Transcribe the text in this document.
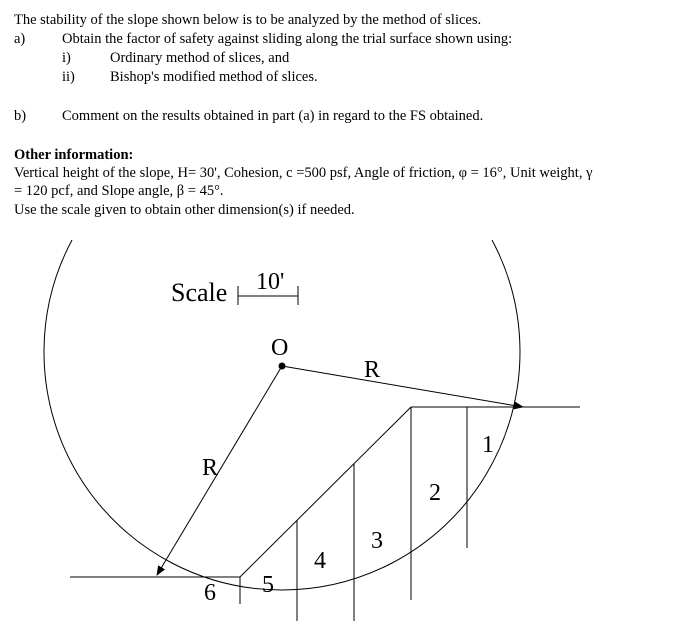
The stability of the slope shown below is to be analyzed by the method of slices.
a)	Obtain the factor of safety against sliding along the trial surface shown using:
i)	Ordinary method of slices, and
ii) Bishop's modified method of slices.
b) Comment on the results obtained in part (a) in regard to the FS obtained.
Other information:
Vertical height of the slope, H= 30', Cohesion, c =500 psf, Angle of friction, φ = 16°, Unit weight, γ
= 120 pcf, and Slope angle, β = 45°.
Use the scale given to obtain other dimension(s) if needed.
Scale 10'
O
R
R
1
2
3
4
5
6
